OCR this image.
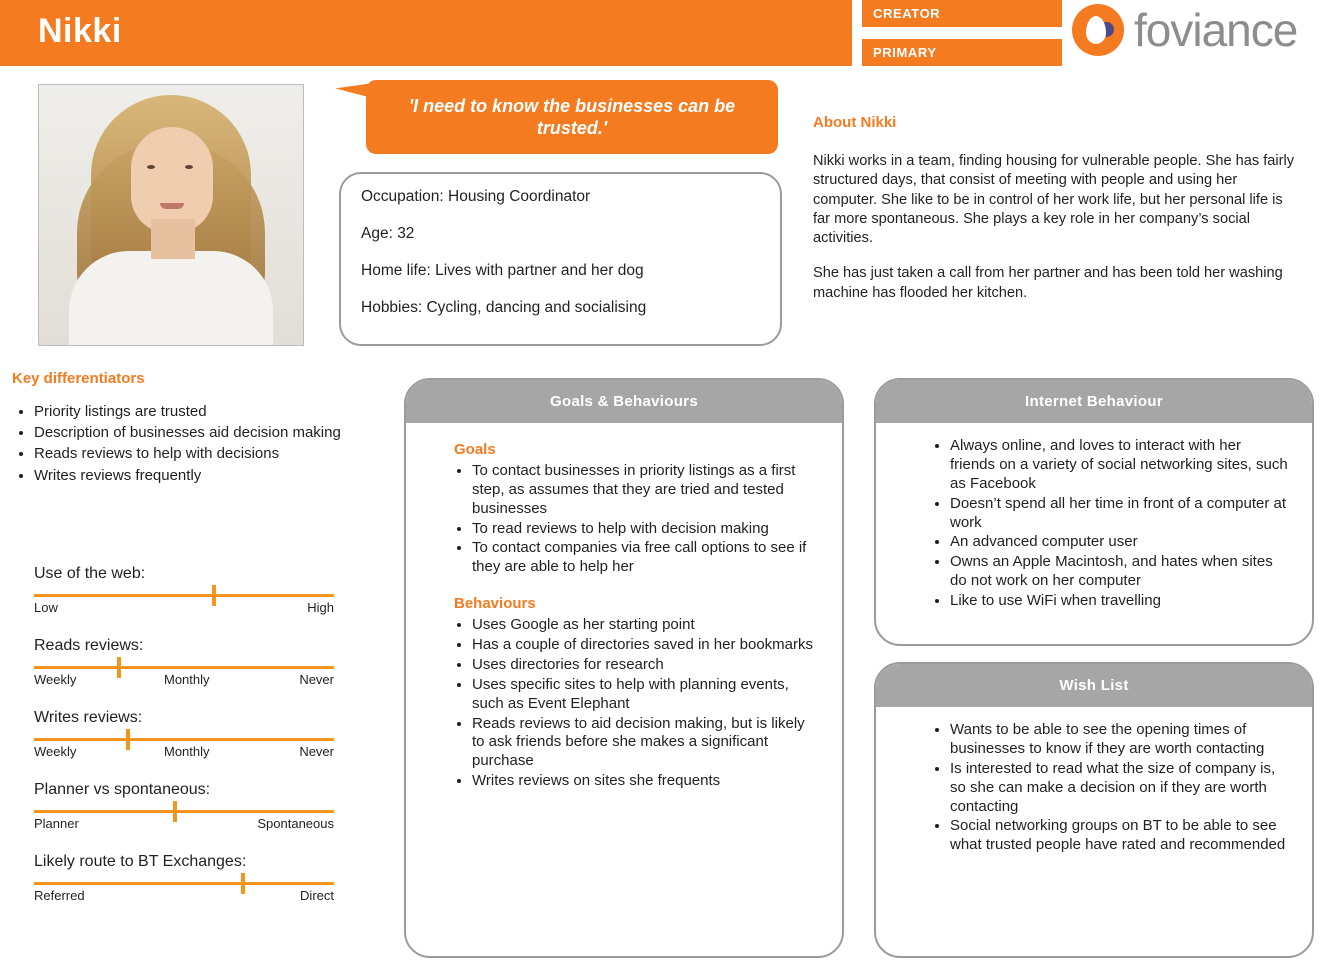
Nikki	CREATOR
PRIMARY	foviance
'I need to know the businesses can be trusted.'
Occupation: Housing Coordinator
Age: 32
Home life: Lives with partner and her dog
Hobbies: Cycling, dancing and socialising
About Nikki

Nikki works in a team, finding housing for vulnerable people. She has fairly structured days, that consist of meeting with people and using her computer. She like to be in control of her work life, but her personal life is far more spontaneous. She plays a key role in her company’s social activities.

She has just taken a call from her partner and has been told her washing machine has flooded her kitchen.

Key differentiators
• Priority listings are trusted
• Description of businesses aid decision making
• Reads reviews to help with decisions
• Writes reviews frequently
Use of the web:
Low	High
Reads reviews:
Weekly	Monthly	Never
Writes reviews:
Weekly	Monthly	Never
Planner vs spontaneous:
Planner	Spontaneous
Likely route to BT Exchanges:
Referred	Direct
Goals & Behaviours
Goals
• To contact businesses in priority listings as a first step, as assumes that they are tried and tested businesses
• To read reviews to help with decision making
• To contact companies via free call options to see if they are able to help her
Behaviours
• Uses Google as her starting point
• Has a couple of directories saved in her bookmarks
• Uses directories for research
• Uses specific sites to help with planning events, such as Event Elephant
• Reads reviews to aid decision making, but is likely to ask friends before she makes a significant purchase
• Writes reviews on sites she frequents
Internet Behaviour
• Always online, and loves to interact with her friends on a variety of social networking sites, such as Facebook
• Doesn’t spend all her time in front of a computer at work
• An advanced computer user
• Owns an Apple Macintosh, and hates when sites do not work on her computer
• Like to use WiFi when travelling
Wish List
• Wants to be able to see the opening times of businesses to know if they are worth contacting
• Is interested to read what the size of company is, so she can make a decision on if they are worth contacting
• Social networking groups on BT to be able to see what trusted people have rated and recommended
